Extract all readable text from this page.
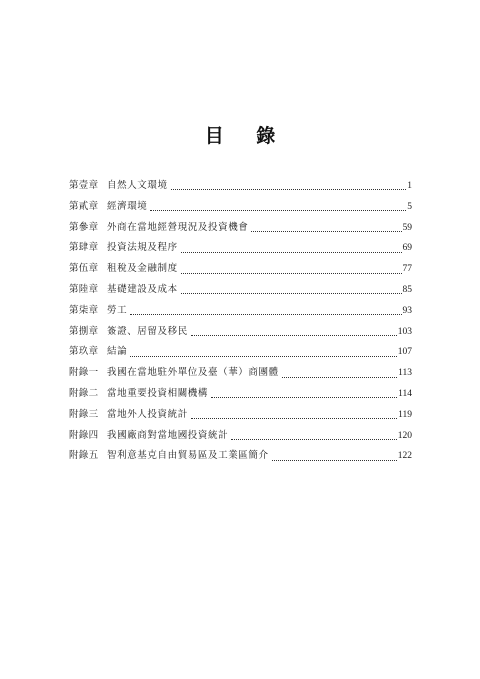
目 錄
第壹章 自然人文環境	1
第貳章 經濟環境	5
第參章 外商在當地經營現況及投資機會	59
第肆章 投資法規及程序	69
第伍章 租稅及金融制度	77
第陸章 基礎建設及成本	85
第柒章 勞工	93
第捌章 簽證、居留及移民	103
第玖章 結論	107
附錄一 我國在當地駐外單位及臺（華）商團體	113
附錄二 當地重要投資相關機構	114
附錄三 當地外人投資統計	119
附錄四 我國廠商對當地國投資統計	120
附錄五 智利意基克自由貿易區及工業區簡介	122
